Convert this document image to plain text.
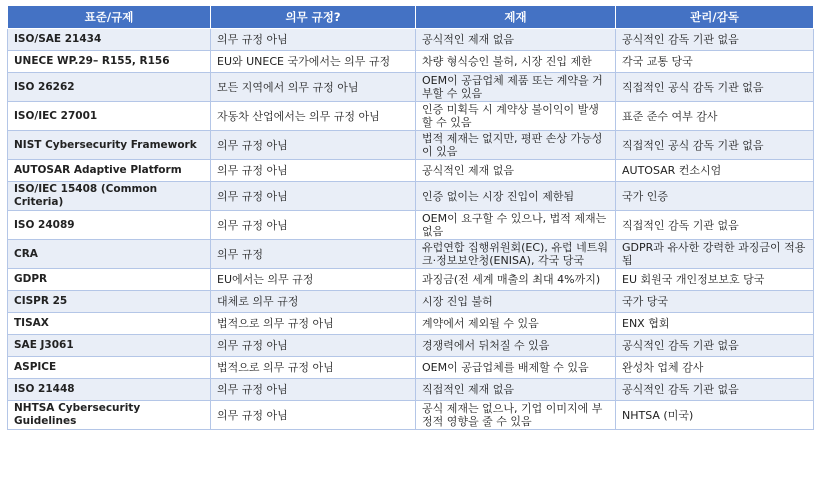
표준/규제	의무 규정?	제재	관리/감독
ISO/SAE 21434	의무 규정 아님	공식적인 제재 없음	공식적인 감독 기관 없음
UNECE WP.29– R155, R156	EU와 UNECE 국가에서는 의무 규정	차량 형식승인 불허, 시장 진입 제한	각국 교통 당국
ISO 26262	모든 지역에서 의무 규정 아님	OEM이 공급업체 제품 또는 계약을 거부할 수 있음	직접적인 공식 감독 기관 없음
ISO/IEC 27001	자동차 산업에서는 의무 규정 아님	인증 미획득 시 계약상 불이익이 발생할 수 있음	표준 준수 여부 감사
NIST Cybersecurity Framework	의무 규정 아님	법적 제재는 없지만, 평판 손상 가능성이 있음	직접적인 공식 감독 기관 없음
AUTOSAR Adaptive Platform	의무 규정 아님	공식적인 제재 없음	AUTOSAR 컨소시엄
ISO/IEC 15408 (Common Criteria)	의무 규정 아님	인증 없이는 시장 진입이 제한됨	국가 인증
ISO 24089	의무 규정 아님	OEM이 요구할 수 있으나, 법적 제재는 없음	직접적인 감독 기관 없음
CRA	의무 규정	유럽연합 집행위원회(EC), 유럽 네트워크·정보보안청(ENISA), 각국 당국	GDPR과 유사한 강력한 과징금이 적용됨
GDPR	EU에서는 의무 규정	과징금(전 세계 매출의 최대 4%까지)	EU 회원국 개인정보보호 당국
CISPR 25	대체로 의무 규정	시장 진입 불허	국가 당국
TISAX	법적으로 의무 규정 아님	계약에서 제외될 수 있음	ENX 협회
SAE J3061	의무 규정 아님	경쟁력에서 뒤처질 수 있음	공식적인 감독 기관 없음
ASPICE	법적으로 의무 규정 아님	OEM이 공급업체를 배제할 수 있음	완성차 업체 감사
ISO 21448	의무 규정 아님	직접적인 제재 없음	공식적인 감독 기관 없음
NHTSA Cybersecurity Guidelines	의무 규정 아님	공식 제재는 없으나, 기업 이미지에 부정적 영향을 줄 수 있음	NHTSA (미국)
